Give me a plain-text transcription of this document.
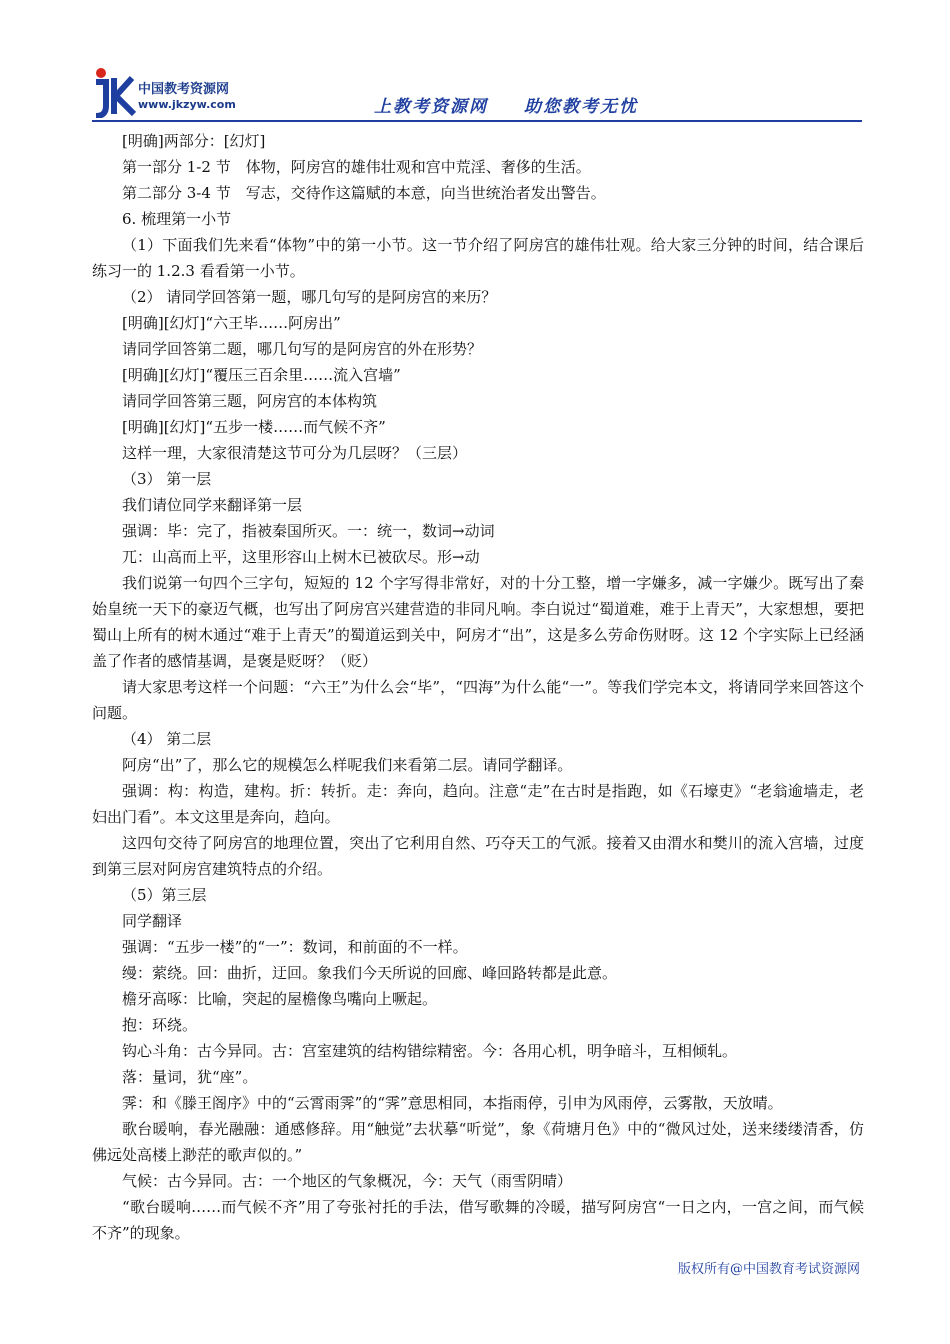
中国教考资源网
www.jkzyw.com	上教考资源网 助您教考无忧

[明确]两部分：[幻灯]

第一部分 1-2 节　体物，阿房宫的雄伟壮观和宫中荒淫、奢侈的生活。

第二部分 3-4 节　写志，交待作这篇赋的本意，向当世统治者发出警告。

6. 梳理第一小节

（1）下面我们先来看“体物”中的第一小节。这一节介绍了阿房宫的雄伟壮观。给大家三分钟的时间，结合课后练习一的 1.2.3 看看第一小节。

（2） 请同学回答第一题，哪几句写的是阿房宫的来历？

[明确][幻灯]“六王毕……阿房出”

请同学回答第二题，哪几句写的是阿房宫的外在形势？

[明确][幻灯]“覆压三百余里……流入宫墙”

请同学回答第三题，阿房宫的本体构筑

[明确][幻灯]“五步一楼……而气候不齐”

这样一理，大家很清楚这节可分为几层呀？（三层）

（3） 第一层

我们请位同学来翻译第一层

强调：毕：完了，指被秦国所灭。一：统一，数词→动词

兀：山高而上平，这里形容山上树木已被砍尽。形→动

我们说第一句四个三字句，短短的 12 个字写得非常好，对的十分工整，增一字嫌多，减一字嫌少。既写出了秦始皇统一天下的豪迈气概，也写出了阿房宫兴建营造的非同凡响。李白说过“蜀道难，难于上青天”，大家想想，要把蜀山上所有的树木通过“难于上青天”的蜀道运到关中，阿房才“出”，这是多么劳命伤财呀。这 12 个字实际上已经涵盖了作者的感情基调，是褒是贬呀？（贬）

请大家思考这样一个问题：“六王”为什么会“毕”，“四海”为什么能“一”。等我们学完本文，将请同学来回答这个问题。

（4） 第二层

阿房“出”了，那么它的规模怎么样呢我们来看第二层。请同学翻译。

强调：构：构造，建构。折：转折。走：奔向，趋向。注意“走”在古时是指跑，如《石壕吏》“老翁逾墙走，老妇出门看”。本文这里是奔向，趋向。

这四句交待了阿房宫的地理位置，突出了它利用自然、巧夺天工的气派。接着又由渭水和樊川的流入宫墙，过度到第三层对阿房宫建筑特点的介绍。

（5）第三层

同学翻译

强调：“五步一楼”的“一”：数词，和前面的不一样。

缦：萦绕。回：曲折，迂回。象我们今天所说的回廊、峰回路转都是此意。

檐牙高啄：比喻，突起的屋檐像鸟嘴向上噘起。

抱：环绕。

钩心斗角：古今异同。古：宫室建筑的结构错综精密。今：各用心机，明争暗斗，互相倾轧。

落：量词，犹“座”。

霁：和《滕王阁序》中的“云霄雨霁”的“霁”意思相同，本指雨停，引申为风雨停，云雾散，天放晴。

歌台暖响，春光融融：通感修辞。用“触觉”去状摹“听觉”，象《荷塘月色》中的“微风过处，送来缕缕清香，仿佛远处高楼上渺茫的歌声似的。”

气候：古今异同。古：一个地区的气象概况，今：天气（雨雪阴晴）

“歌台暖响……而气候不齐”用了夸张衬托的手法，借写歌舞的冷暖，描写阿房宫“一日之内，一宫之间，而气候不齐”的现象。

版权所有@中国教育考试资源网
